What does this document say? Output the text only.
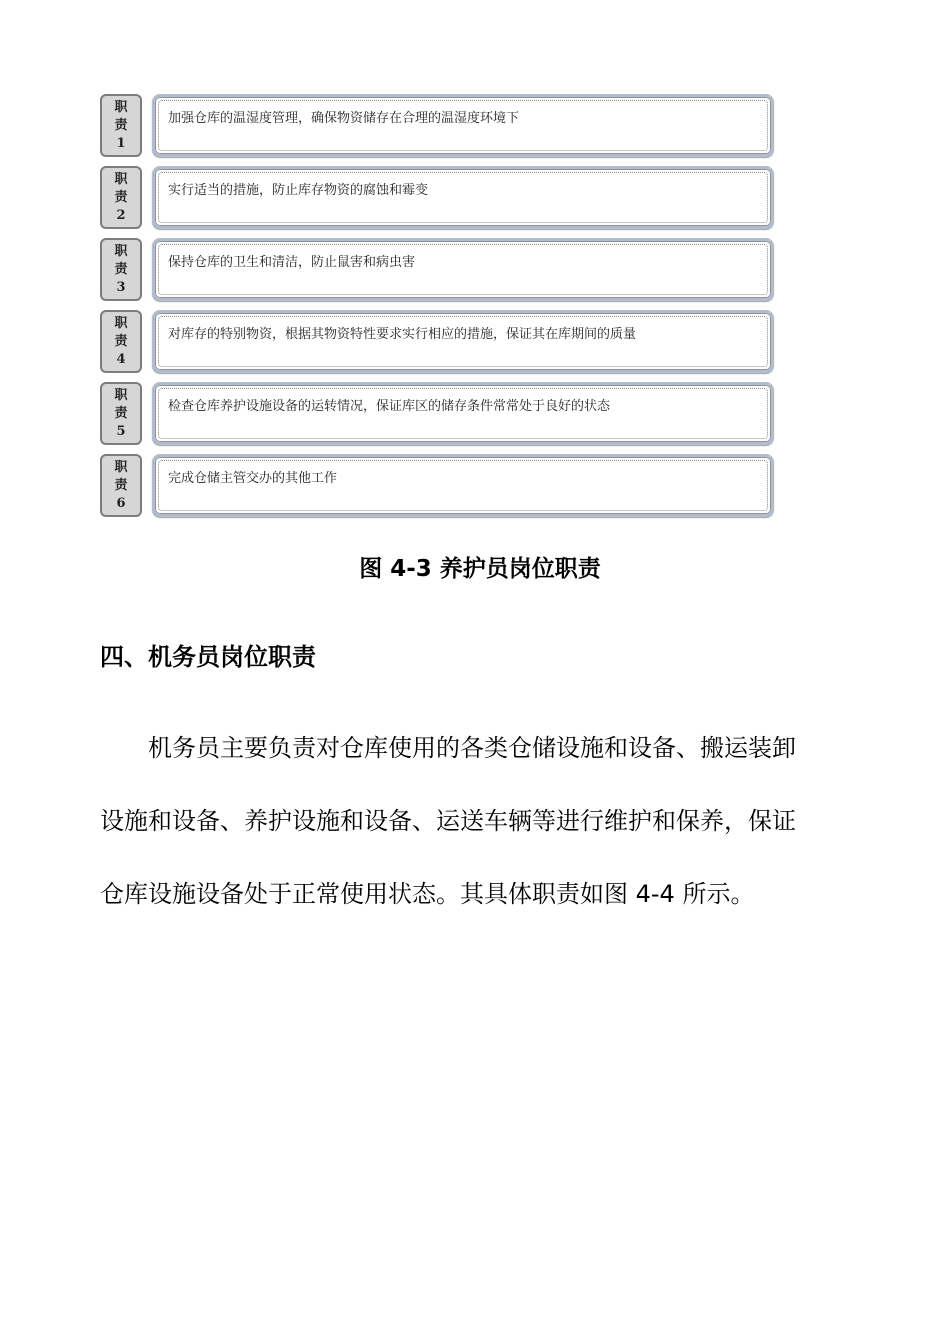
职
责
1
加强仓库的温湿度管理，确保物资储存在合理的温湿度环境下
职
责
2
实行适当的措施，防止库存物资的腐蚀和霉变
职
责
3
保持仓库的卫生和清洁，防止鼠害和病虫害
职
责
4
对库存的特别物资，根据其物资特性要求实行相应的措施，保证其在库期间的质量
职
责
5
检查仓库养护设施设备的运转情况，保证库区的储存条件常常处于良好的状态
职
责
6
完成仓储主管交办的其他工作
图 4-3 养护员岗位职责
四、机务员岗位职责
机务员主要负责对仓库使用的各类仓储设施和设备、搬运装卸
设施和设备、养护设施和设备、运送车辆等进行维护和保养，保证
仓库设施设备处于正常使用状态。其具体职责如图 4-4 所示。
